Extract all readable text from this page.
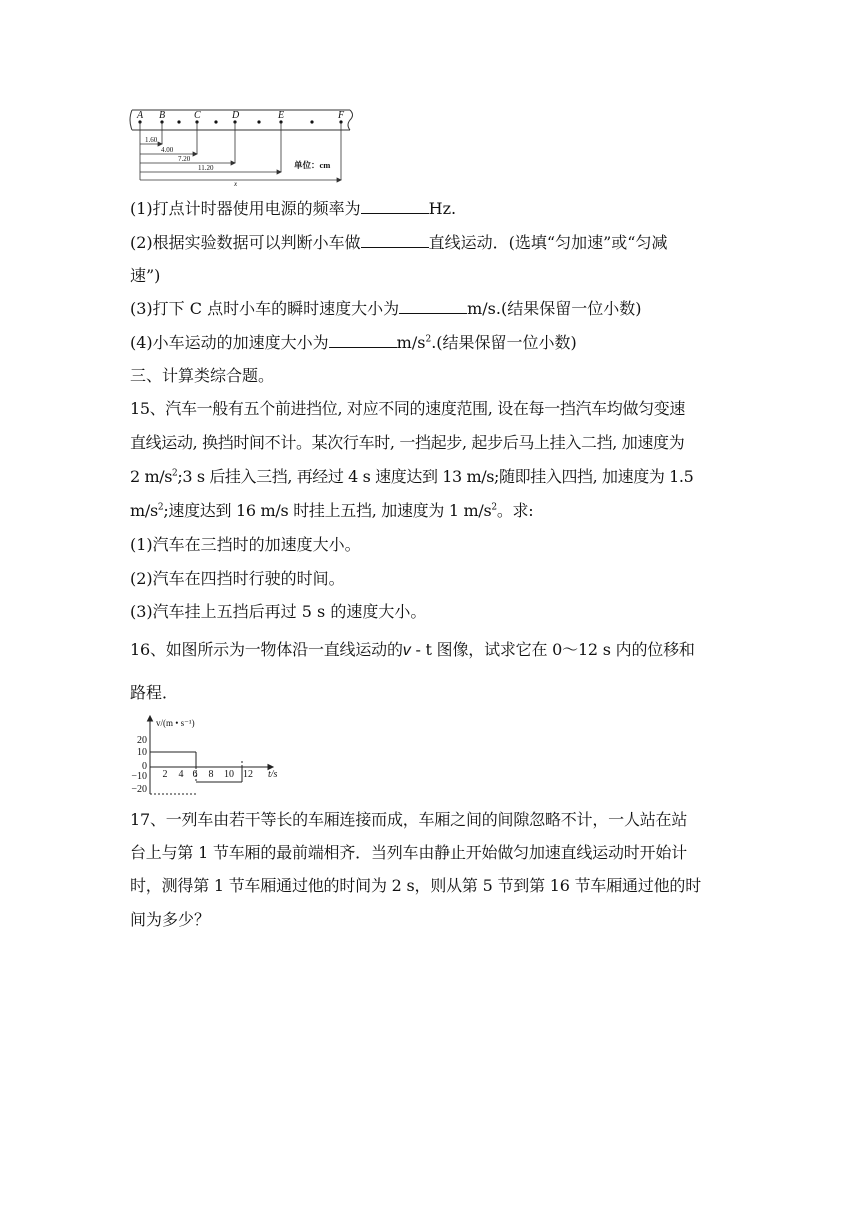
A B	C	D	E	F
1.60
4.00
7.20
11.20
x
单位：cm
(1)打点计时器使用电源的频率为	Hz.
(2)根据实验数据可以判断小车做	直线运动．(选填“匀加速”或“匀减
速”)
(3)打下 C 点时小车的瞬时速度大小为	m/s.(结果保留一位小数)
(4)小车运动的加速度大小为	$m/s^2$.(结果保留一位小数)
三、计算类综合题。
15、汽车一般有五个前进挡位, 对应不同的速度范围, 设在每一挡汽车均做匀变速
直线运动, 换挡时间不计。某次行车时, 一挡起步, 起步后马上挂入二挡, 加速度为
2 $m/s^2;3$ s 后挂入三挡, 再经过 4 s 速度达到 13 m/s;随即挂入四挡, 加速度为 1.5
$m/s^2$;速度达到 16 m/s 时挂上五挡, 加速度为 1 $m/s^2$。求:
(1)汽车在三挡时的加速度大小。
(2)汽车在四挡时行驶的时间。
(3)汽车挂上五挡后再过 5 s 的速度大小。
16、如图所示为一物体沿一直线运动的v - t 图像，试求它在 0～12 s 内的位移和
路程．
20
10
0
−10
−20
2 4 6 8 10 12 t/s
v/(m • s⁻¹)
17、一列车由若干等长的车厢连接而成，车厢之间的间隙忽略不计，一人站在站
台上与第 1 节车厢的最前端相齐．当列车由静止开始做匀加速直线运动时开始计
时，测得第 1 节车厢通过他的时间为 2 s，则从第 5 节到第 16 节车厢通过他的时
间为多少？
